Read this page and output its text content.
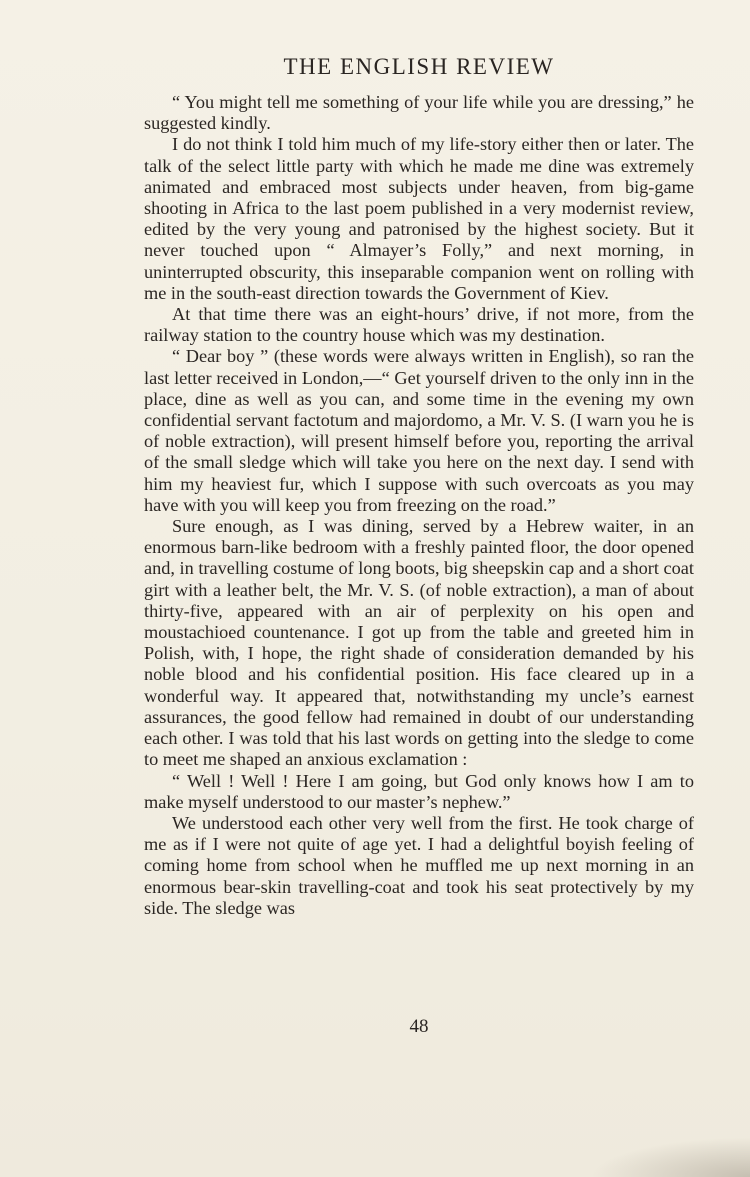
THE ENGLISH REVIEW

“ You might tell me something of your life while you are dressing,” he suggested kindly.

I do not think I told him much of my life-story either then or later. The talk of the select little party with which he made me dine was extremely animated and embraced most subjects under heaven, from big-game shooting in Africa to the last poem published in a very modernist review, edited by the very young and patronised by the highest society. But it never touched upon “ Almayer’s Folly,” and next morning, in uninterrupted obscurity, this inseparable companion went on rolling with me in the south-east direction towards the Government of Kiev.

At that time there was an eight-hours’ drive, if not more, from the railway station to the country house which was my destination.

“ Dear boy ” (these words were always written in English), so ran the last letter received in London,—“ Get yourself driven to the only inn in the place, dine as well as you can, and some time in the evening my own confidential servant factotum and majordomo, a Mr. V. S. (I warn you he is of noble extraction), will present himself before you, reporting the arrival of the small sledge which will take you here on the next day. I send with him my heaviest fur, which I suppose with such overcoats as you may have with you will keep you from freezing on the road.”

Sure enough, as I was dining, served by a Hebrew waiter, in an enormous barn-like bedroom with a freshly painted floor, the door opened and, in travelling costume of long boots, big sheepskin cap and a short coat girt with a leather belt, the Mr. V. S. (of noble extraction), a man of about thirty-five, appeared with an air of perplexity on his open and moustachioed countenance. I got up from the table and greeted him in Polish, with, I hope, the right shade of consideration demanded by his noble blood and his confidential position. His face cleared up in a wonderful way. It appeared that, notwithstanding my uncle’s earnest assurances, the good fellow had remained in doubt of our understanding each other. I was told that his last words on getting into the sledge to come to meet me shaped an anxious exclamation :

“ Well ! Well ! Here I am going, but God only knows how I am to make myself understood to our master’s nephew.”

We understood each other very well from the first. He took charge of me as if I were not quite of age yet. I had a delightful boyish feeling of coming home from school when he muffled me up next morning in an enormous bear-skin travelling-coat and took his seat protectively by my side. The sledge was

48
